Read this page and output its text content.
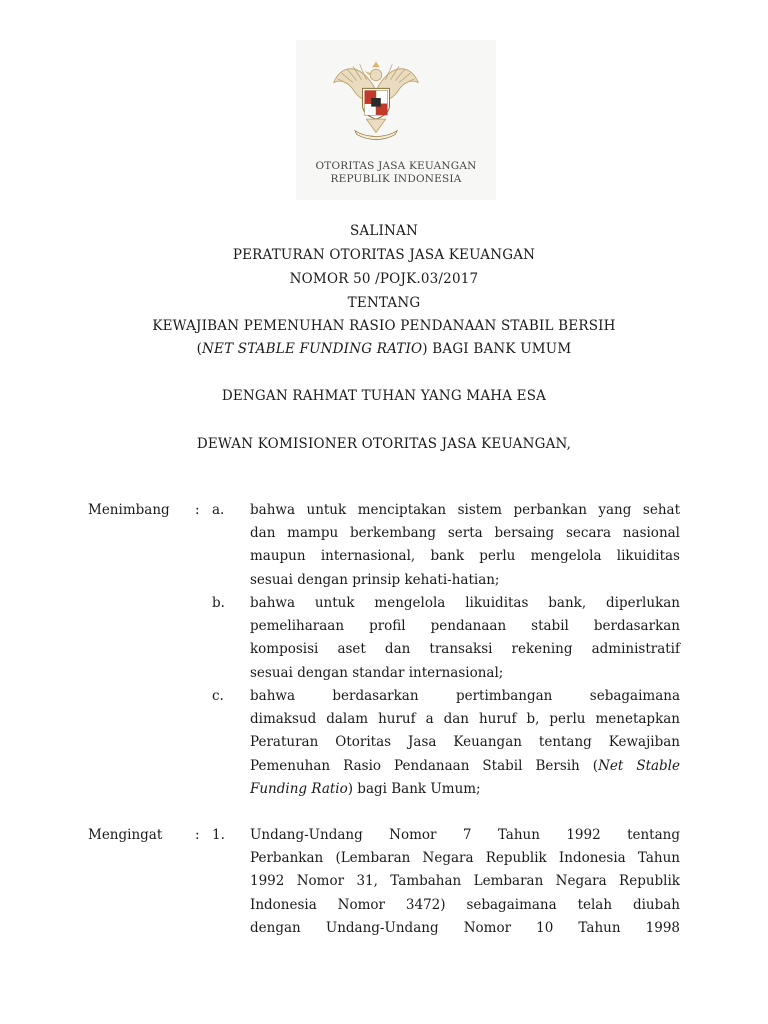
OTORITAS JASA KEUANGAN
REPUBLIK INDONESIA
SALINAN
PERATURAN OTORITAS JASA KEUANGAN
NOMOR 50 /POJK.03/2017
TENTANG
KEWAJIBAN PEMENUHAN RASIO PENDANAAN STABIL BERSIH
(NET STABLE FUNDING RATIO) BAGI BANK UMUM
DENGAN RAHMAT TUHAN YANG MAHA ESA
DEWAN KOMISIONER OTORITAS JASA KEUANGAN,
Menimbang : a. bahwa untuk menciptakan sistem perbankan yang sehat
dan mampu berkembang serta bersaing secara nasional
maupun internasional, bank perlu mengelola likuiditas
sesuai dengan prinsip kehati-hatian;
b. bahwa untuk mengelola likuiditas bank, diperlukan
pemeliharaan profil pendanaan stabil berdasarkan
komposisi aset dan transaksi rekening administratif
sesuai dengan standar internasional;
c. bahwa berdasarkan pertimbangan sebagaimana
dimaksud dalam huruf a dan huruf b, perlu menetapkan
Peraturan Otoritas Jasa Keuangan tentang Kewajiban
Pemenuhan Rasio Pendanaan Stabil Bersih (Net Stable
Funding Ratio) bagi Bank Umum;
Mengingat : 1. Undang-Undang Nomor 7 Tahun 1992 tentang
Perbankan (Lembaran Negara Republik Indonesia Tahun
1992 Nomor 31, Tambahan Lembaran Negara Republik
Indonesia Nomor 3472) sebagaimana telah diubah
dengan Undang-Undang Nomor 10 Tahun 1998
